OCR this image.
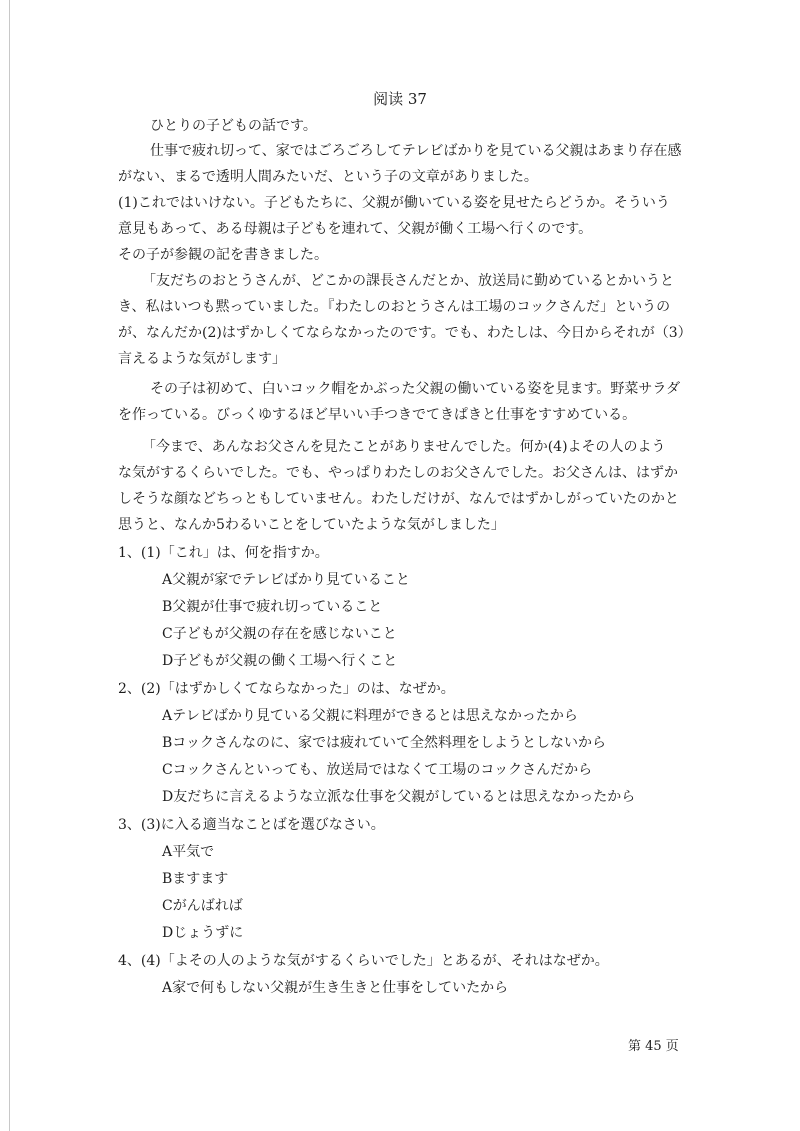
阅读 37
ひとりの子どもの話です。
仕事で疲れ切って、家ではごろごろしてテレビばかりを見ている父親はあまり存在感
がない、まるで透明人間みたいだ、という子の文章がありました。
(1)これではいけない。子どもたちに、父親が働いている姿を見せたらどうか。そういう
意見もあって、ある母親は子どもを連れて、父親が働く工場へ行くのです。
その子が参観の記を書きました。
「友だちのおとうさんが、どこかの課長さんだとか、放送局に勤めているとかいうと
き、私はいつも黙っていました。『わたしのおとうさんは工場のコックさんだ」というの
が、なんだか(2)はずかしくてならなかったのです。でも、わたしは、今日からそれが（3）
言えるような気がします」
その子は初めて、白いコック帽をかぶった父親の働いている姿を見ます。野菜サラダ
を作っている。びっくゆするほど早いい手つきでてきぱきと仕事をすすめている。
「今まで、あんなお父さんを見たことがありませんでした。何か(4)よその人のよう
な気がするくらいでした。でも、やっぱりわたしのお父さんでした。お父さんは、はずか
しそうな顔などちっともしていません。わたしだけが、なんではずかしがっていたのかと
思うと、なんか5わるいことをしていたような気がしました」
1、(1)「これ」は、何を指すか。
A父親が家でテレビばかり見ていること
B父親が仕事で疲れ切っていること
C子どもが父親の存在を感じないこと
D子どもが父親の働く工場へ行くこと
2、(2)「はずかしくてならなかった」のは、なぜか。
Aテレビばかり見ている父親に料理ができるとは思えなかったから
Bコックさんなのに、家では疲れていて全然料理をしようとしないから
Cコックさんといっても、放送局ではなくて工場のコックさんだから
D友だちに言えるような立派な仕事を父親がしているとは思えなかったから
3、(3)に入る適当なことばを選びなさい。
A平気で
Bますます
Cがんばれば
Dじょうずに
4、(4)「よその人のような気がするくらいでした」とあるが、それはなぜか。
A家で何もしない父親が生き生きと仕事をしていたから
第 45 页
